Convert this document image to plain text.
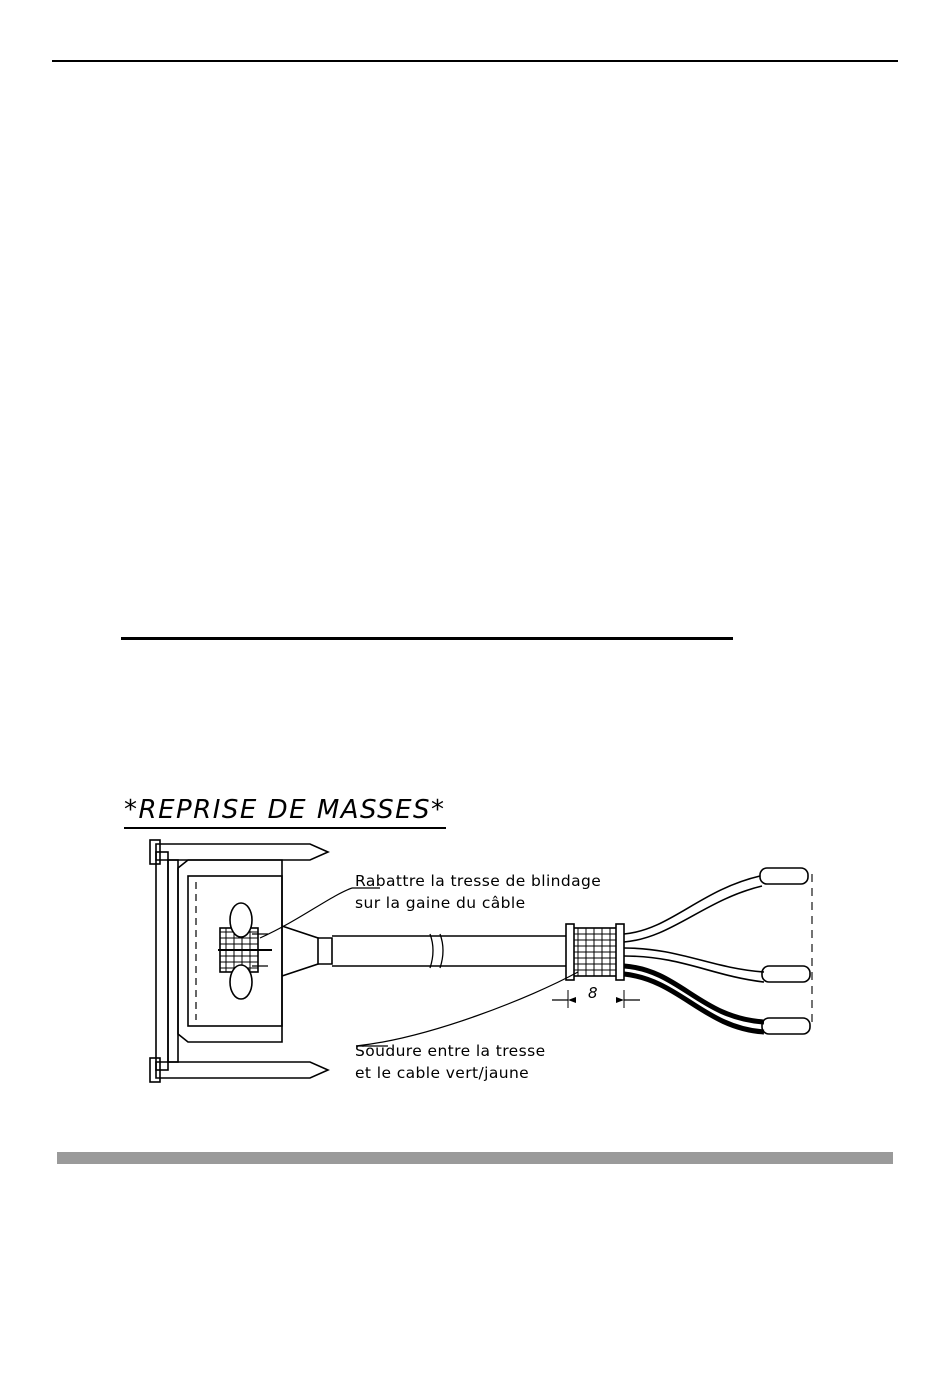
*REPRISE DE MASSES*
Rabattre la tresse de blindage
sur la gaine du câble
Soudure entre la tresse
et le cable vert/jaune
8
